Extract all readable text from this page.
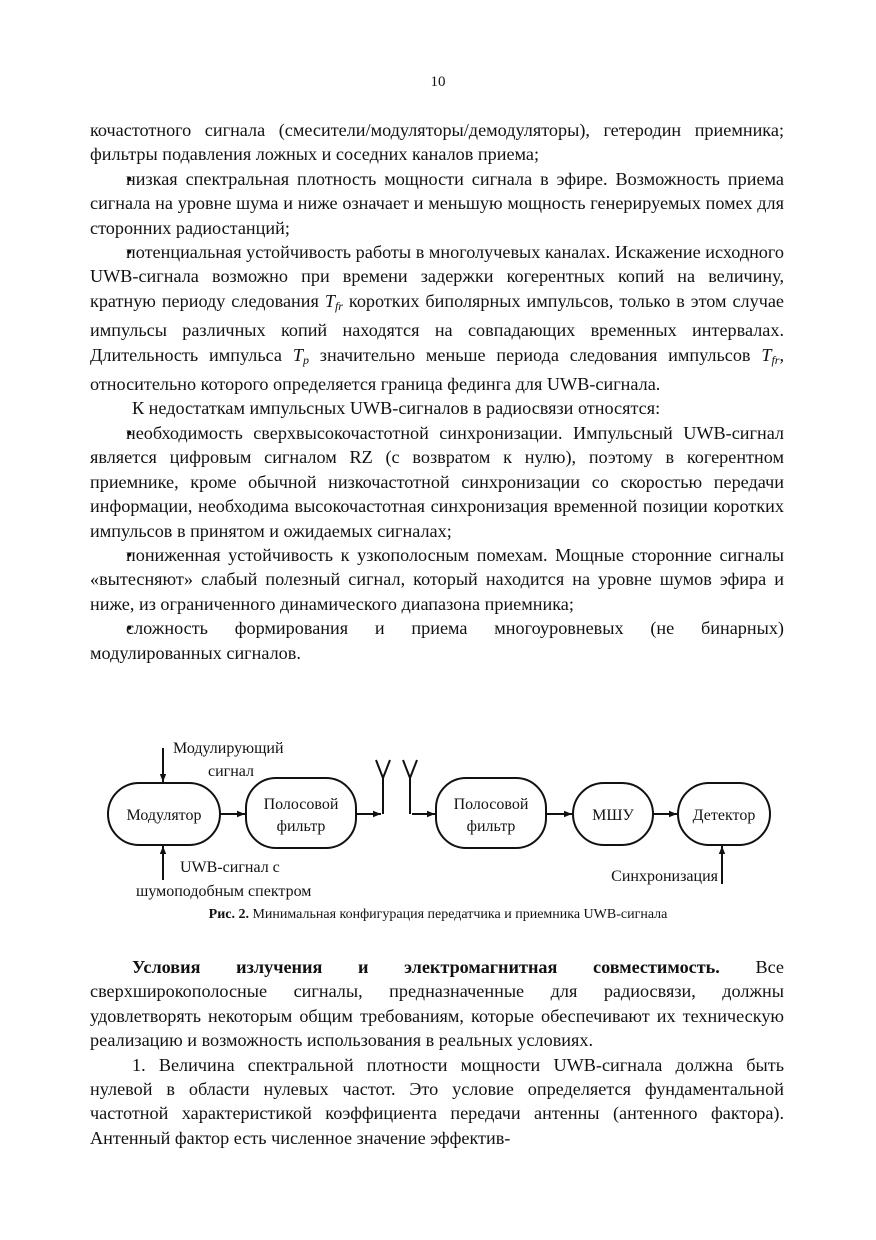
10

кочастотного сигнала (смесители/модуляторы/демодуляторы), гетеродин приемника; фильтры подавления ложных и соседних каналов приема;

низкая спектральная плотность мощности сигнала в эфире. Возможность приема сигнала на уровне шума и ниже означает и меньшую мощность генерируемых помех для сторонних радиостанций;

потенциальная устойчивость работы в многолучевых каналах. Искажение исходного UWB-сигнала возможно при времени задержки когерентных копий на величину, кратную периоду следования $T_{fr}$ коротких биполярных импульсов, только в этом случае импульсы различных копий находятся на совпадающих временных интервалах. Длительность импульса $T_p$ значительно меньше периода следования импульсов $T_{fr}$, относительно которого определяется граница фединга для UWB-сигнала.

К недостаткам импульсных UWB-сигналов в радиосвязи относятся:

необходимость сверхвысокочастотной синхронизации. Импульсный UWB-сигнал является цифровым сигналом RZ (с возвратом к нулю), поэтому в когерентном приемнике, кроме обычной низкочастотной синхронизации со скоростью передачи информации, необходима высокочастотная синхронизация временной позиции коротких импульсов в принятом и ожидаемых сигналах;

пониженная устойчивость к узкополосным помехам. Мощные сторонние сигналы «вытесняют» слабый полезный сигнал, который находится на уровне шумов эфира и ниже, из ограниченного динамического диапазона приемника;

сложность формирования и приема многоуровневых (не бинарных) модулированных сигналов.

Модулирующий
сигнал
Модулятор
Полосовой
фильтр
Полосовой
фильтр
МШУ	Детектор
UWB-сигнал с
шумоподобным спектром
Синхронизация
Рис. 2. Минимальная конфигурация передатчика и приемника UWB-сигнала

Условия излучения и электромагнитная совместимость. Все сверхширокополосные сигналы, предназначенные для радиосвязи, должны удовлетворять некоторым общим требованиям, которые обеспечивают их техническую реализацию и возможность использования в реальных условиях.

1. Величина спектральной плотности мощности UWB-сигнала должна быть нулевой в области нулевых частот. Это условие определяется фундаментальной частотной характеристикой коэффициента передачи антенны (антенного фактора). Антенный фактор есть численное значение эффектив-
